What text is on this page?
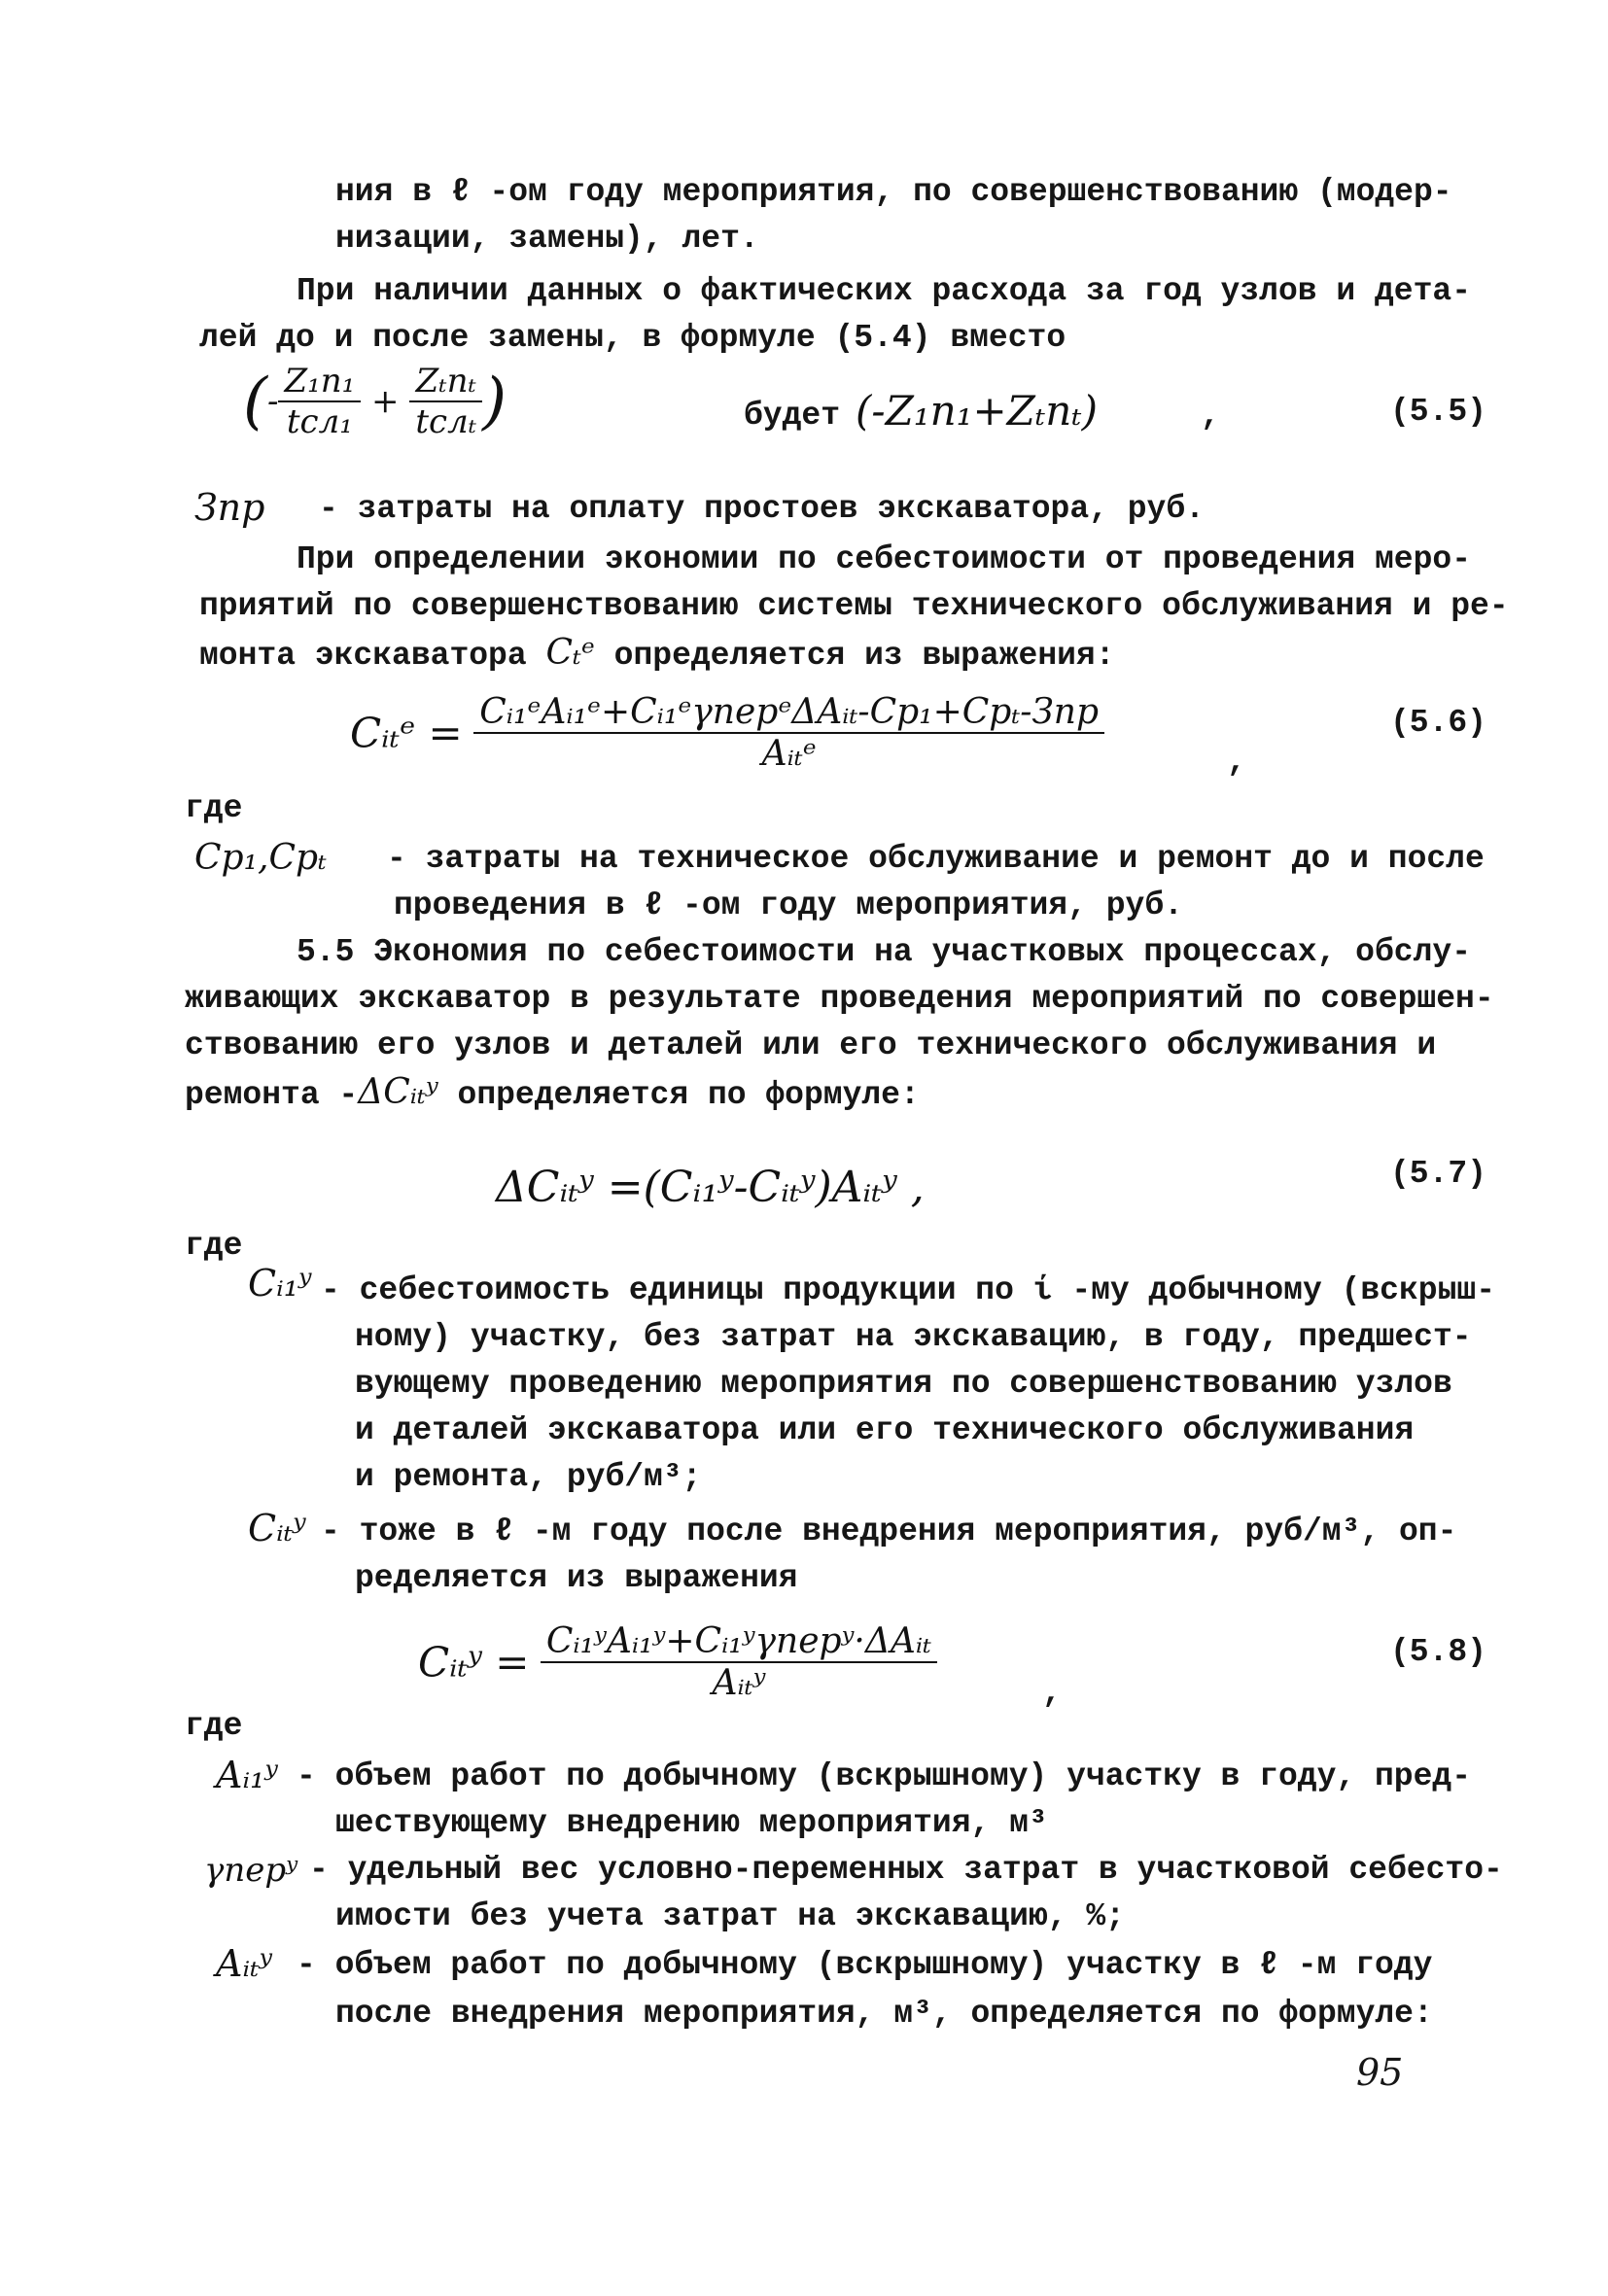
ния в ℓ -ом году мероприятия, по совершенствованию (модер-
низации, замены), лет.
При наличии данных о фактических расхода за год узлов и дета-
лей до и после замены, в формуле (5.4) вместо
(- $\frac{\text{Z₁n₁}}{\text{tсл₁}} + \frac{\text{Zₜnₜ}}{\text{tслₜ}}$ )	будет (-Z₁n₁+Zₜnₜ)	,	(5.5)
Зпр - затраты на оплату простоев экскаватора, руб.
При определении экономии по себестоимости от проведения меро-
приятий по совершенствованию системы технического обслуживания и ре-
монта экскаватора Cₜᵉ определяется из выражения:
Cᵢₜᵉ = $\frac{\text{Cᵢ₁ᵉAᵢ₁ᵉ+Cᵢ₁ᵉγперᵉΔAᵢₜ-Cр₁+Cрₜ-Зпр}}{\text{Aᵢₜᵉ}}$	,
(5.6)
где
Cр₁,Cрₜ - затраты на техническое обслуживание и ремонт до и после
проведения в ℓ -ом году мероприятия, руб.
5.5 Экономия по себестоимости на участковых процессах, обслу-
живающих экскаватор в результате проведения мероприятий по совершен-
ствованию его узлов и деталей или его технического обслуживания и
ремонта -ΔCᵢₜʸ определяется по формуле:
ΔCᵢₜʸ =(Cᵢ₁ʸ-Cᵢₜʸ)Aᵢₜʸ ,	(5.7)
где
Cᵢ₁ʸ - себестоимость единицы продукции по ί -му добычному (вскрыш-
ному) участку, без затрат на экскавацию, в году, предшест-
вующему проведению мероприятия по совершенствованию узлов
и деталей экскаватора или его технического обслуживания
и ремонта, руб/м³;
Cᵢₜʸ - тоже в ℓ -м году после внедрения мероприятия, руб/м³, оп-
ределяется из выражения
Cᵢₜʸ = $\frac{\text{Cᵢ₁ʸAᵢ₁ʸ+Cᵢ₁ʸγперʸ·ΔAᵢₜ}}{\text{Aᵢₜʸ}}$	,
(5.8)
где
Aᵢ₁ʸ - объем работ по добычному (вскрышному) участку в году, пред-
шествующему внедрению мероприятия, м³
γперʸ - удельный вес условно-переменных затрат в участковой себесто-
имости без учета затрат на экскавацию, %;
Aᵢₜʸ - объем работ по добычному (вскрышному) участку в ℓ -м году
после внедрения мероприятия, м³, определяется по формуле:
95
